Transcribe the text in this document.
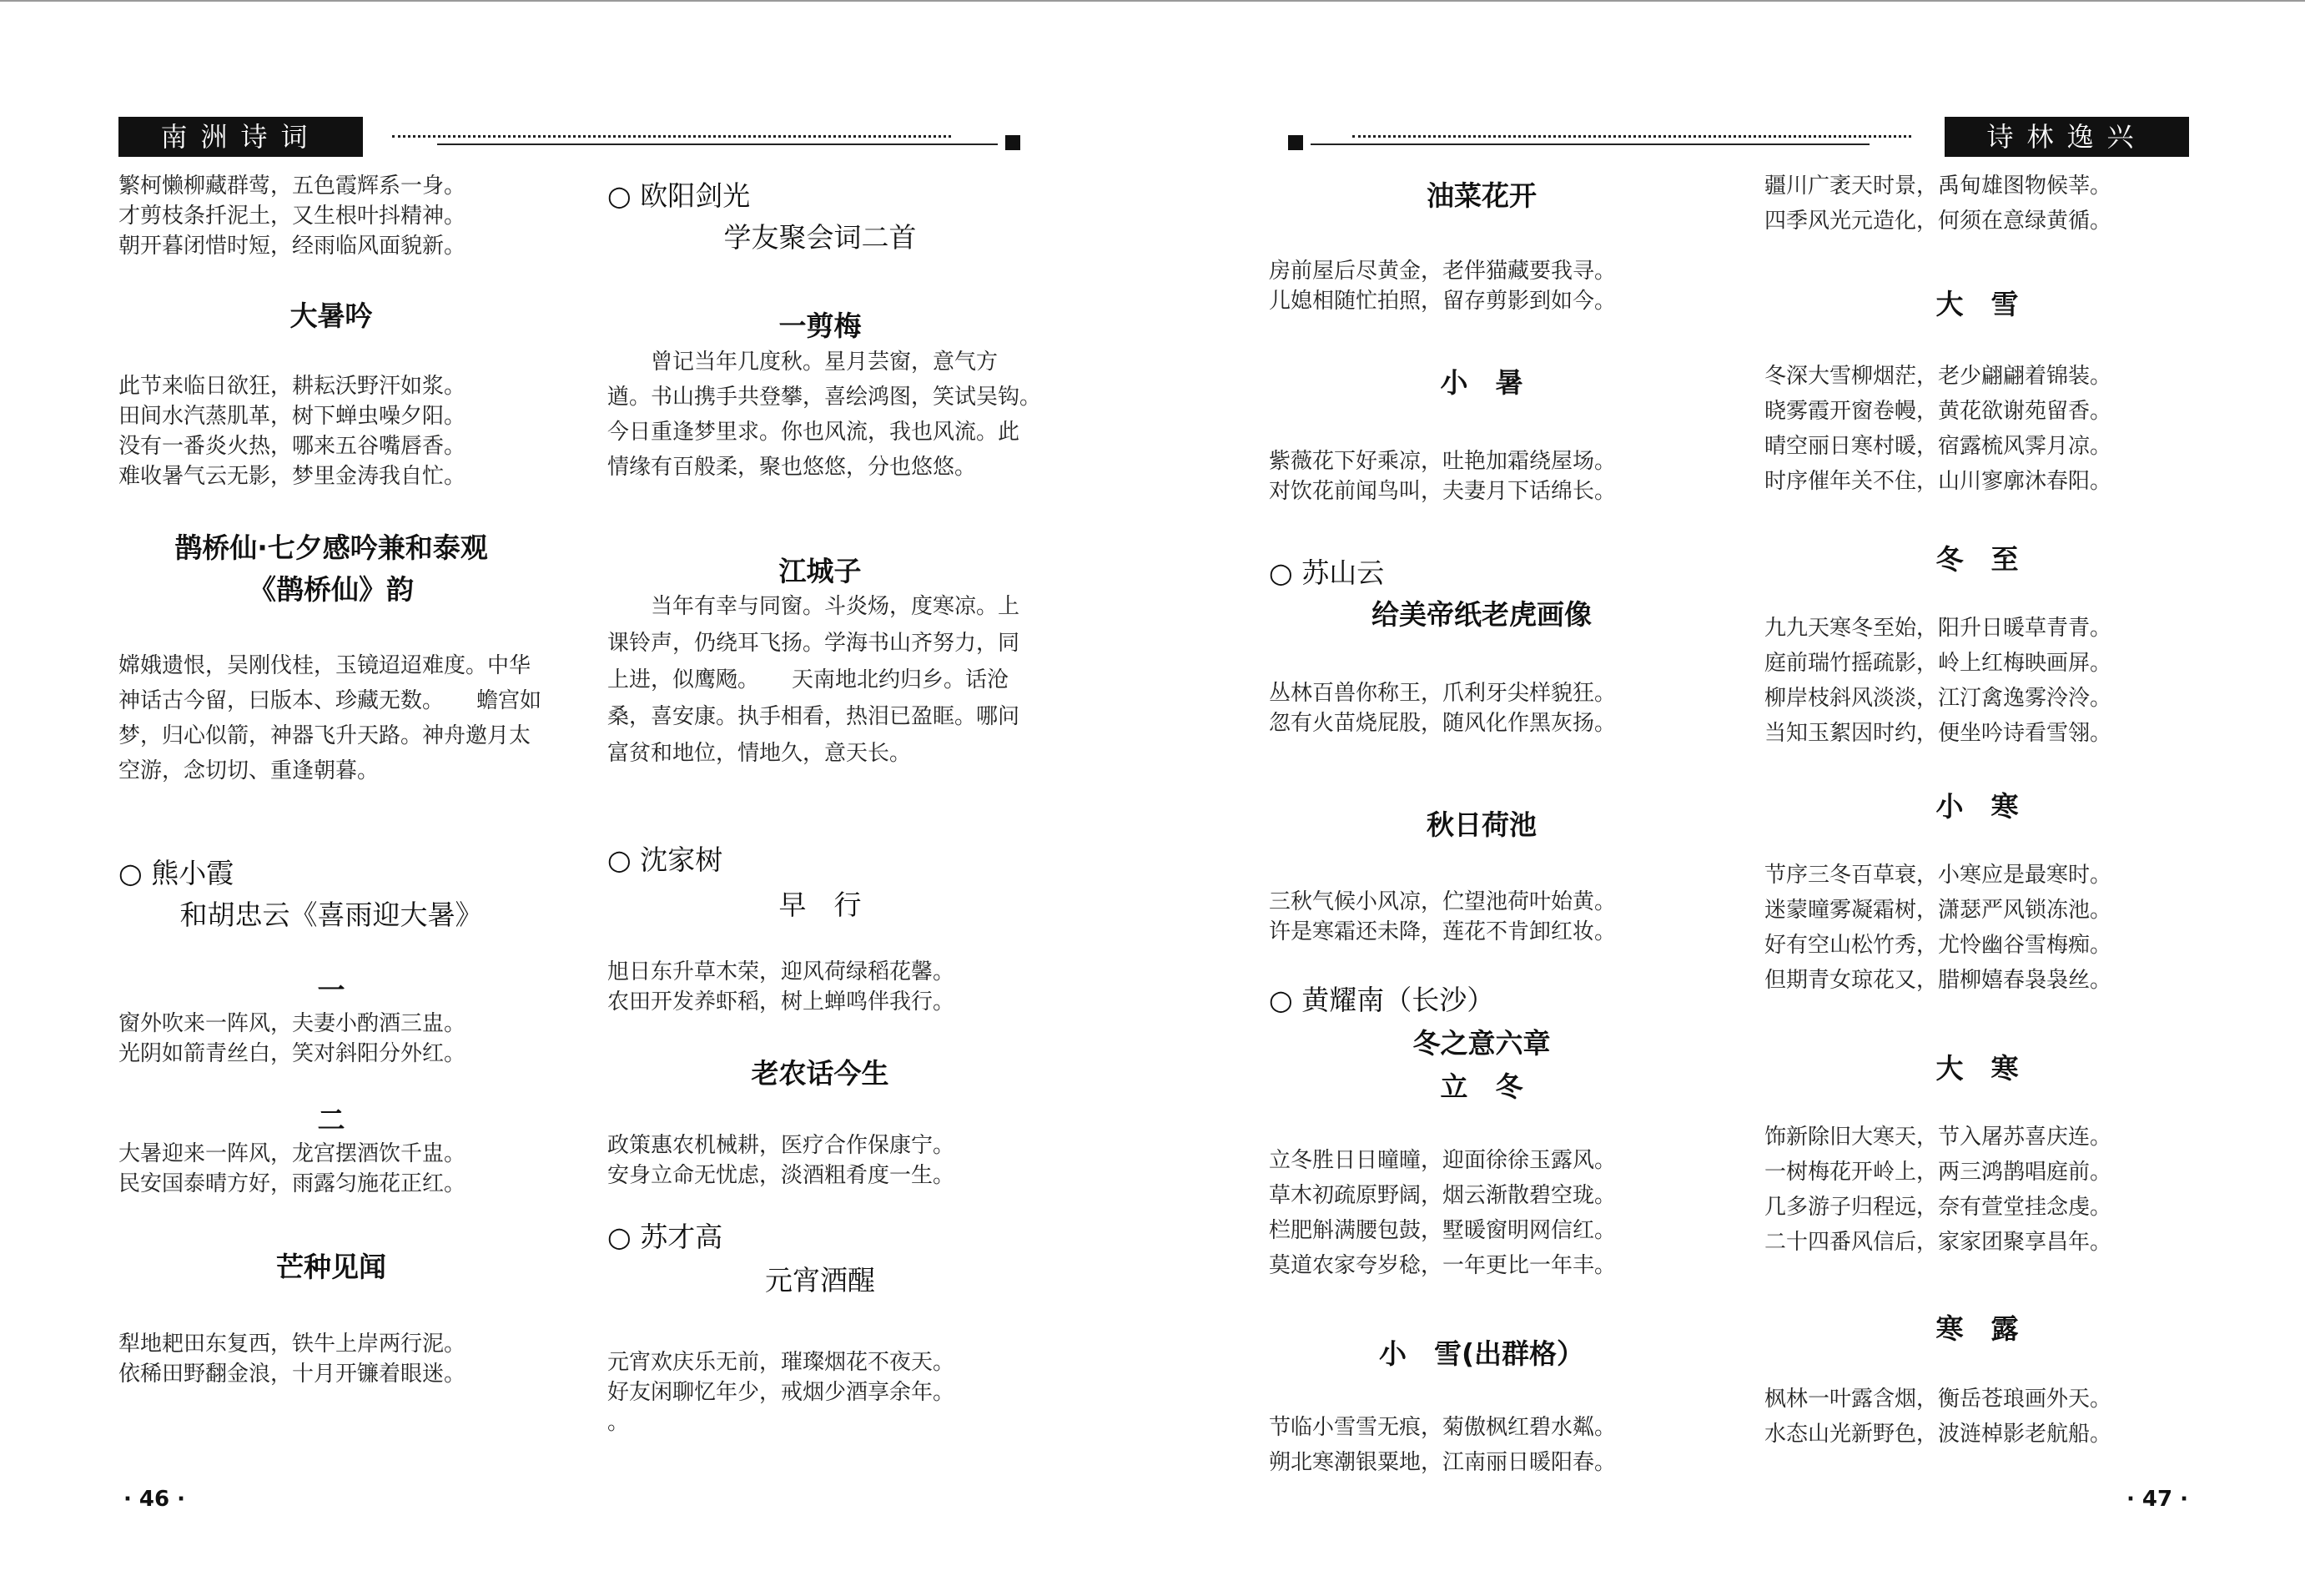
南洲诗词
繁柯懒柳藏群莺，五色霞辉系一身。
才剪枝条扦泥土，又生根叶抖精神。
朝开暮闭惜时短，经雨临风面貌新。
大暑吟
此节来临日欲狂，耕耘沃野汗如浆。
田间水汽蒸肌革，树下蝉虫噪夕阳。
没有一番炎火热，哪来五谷嘴唇香。
难收暑气云无影，梦里金涛我自忙。
鹊桥仙·七夕感吟兼和泰观
《鹊桥仙》韵
嫦娥遗恨，吴刚伐桂，玉镜迢迢难度。中华神话古今留，曰版本、珍藏无数。　　蟾宫如梦，归心似箭，神器飞升天路。神舟邀月太空游，念切切、重逢朝暮。
○ 熊小霞
和胡忠云《喜雨迎大暑》
一
窗外吹来一阵风，夫妻小酌酒三盅。
光阴如箭青丝白，笑对斜阳分外红。
二
大暑迎来一阵风，龙宫摆酒饮千盅。
民安国泰晴方好，雨露匀施花正红。
芒种见闻
犁地耙田东复西，铁牛上岸两行泥。
依稀田野翻金浪，十月开镰着眼迷。
○ 欧阳剑光
学友聚会词二首
一剪梅
　　曾记当年几度秋。星月芸窗，意气方遒。书山携手共登攀，喜绘鸿图，笑试吴钩。　　今日重逢梦里求。你也风流，我也风流。此情缘有百般柔，聚也悠悠，分也悠悠。
江城子
　　当年有幸与同窗。斗炎炀，度寒凉。上课铃声，仍绕耳飞扬。学海书山齐努力，同上进，似鹰飏。　　天南地北约归乡。话沧桑，喜安康。执手相看，热泪已盈眶。哪问富贫和地位，情地久，意天长。
○ 沈家树
早　行
旭日东升草木荣，迎风荷绿稻花馨。
农田开发养虾稻，树上蝉鸣伴我行。
老农话今生
政策惠农机械耕，医疗合作保康宁。
安身立命无忧虑，淡酒粗肴度一生。
○ 苏才高
元宵酒醒
元宵欢庆乐无前，璀璨烟花不夜天。
好友闲聊忆年少，戒烟少酒享余年。
。
· 46 ·
诗林逸兴
油菜花开
房前屋后尽黄金，老伴猫藏要我寻。
儿媳相随忙拍照，留存剪影到如今。
小　暑
紫薇花下好乘凉，吐艳加霜绕屋场。
对饮花前闻鸟叫，夫妻月下话绵长。
○ 苏山云
给美帝纸老虎画像
丛林百兽你称王，爪利牙尖样貌狂。
忽有火苗烧屁股，随风化作黑灰扬。
秋日荷池
三秋气候小风凉，伫望池荷叶始黄。
许是寒霜还未降，莲花不肯卸红妆。
○ 黄耀南（长沙）
冬之意六章
立　冬
立冬胜日日曈曈，迎面徐徐玉露风。
草木初疏原野阔，烟云渐散碧空珑。
栏肥斛满腰包鼓，墅暖窗明网信红。
莫道农家夸岁稔，一年更比一年丰。
小　雪(出群格）
节临小雪雪无痕，菊傲枫红碧水粼。
朔北寒潮银粟地，江南丽日暖阳春。
疆川广袤天时景，禹甸雄图物候莘。
四季风光元造化，何须在意绿黄循。
大　雪
冬深大雪柳烟茫，老少翩翩着锦装。
晓雾霞开窗卷幔，黄花欲谢苑留香。
晴空丽日寒村暖，宿露梳风霁月凉。
时序催年关不住，山川寥廓沐春阳。
冬　至
九九天寒冬至始，阳升日暖草青青。
庭前瑞竹摇疏影，岭上红梅映画屏。
柳岸枝斜风淡淡，江汀禽逸雾泠泠。
当知玉絮因时约，便坐吟诗看雪翎。
小　寒
节序三冬百草衰，小寒应是最寒时。
迷蒙曈雾凝霜树，潇瑟严风锁冻池。
好有空山松竹秀，尤怜幽谷雪梅痴。
但期青女琼花又，腊柳嬉春袅袅丝。
大　寒
饰新除旧大寒天，节入屠苏喜庆连。
一树梅花开岭上，两三鸿鹊唱庭前。
几多游子归程远，奈有萱堂挂念虔。
二十四番风信后，家家团聚享昌年。
寒　露
枫林一叶露含烟，衡岳苍琅画外天。
水态山光新野色，波涟棹影老航船。
· 47 ·
